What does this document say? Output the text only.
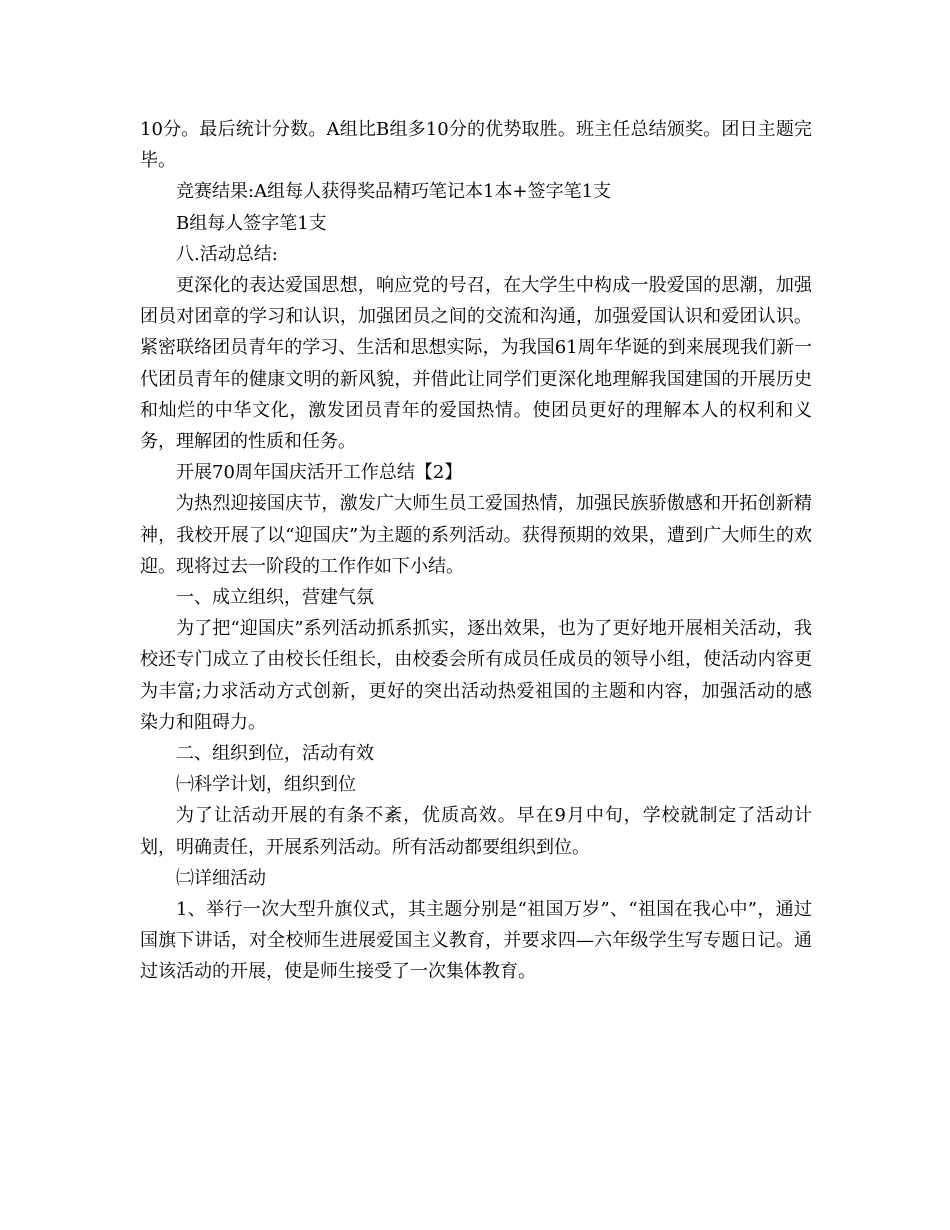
10分。最后统计分数。A组比B组多10分的优势取胜。班主任总结颁奖。团日主题完毕。

竞赛结果:A组每人获得奖品精巧笔记本1本+签字笔1支

B组每人签字笔1支

八.活动总结:

更深化的表达爱国思想，响应党的号召，在大学生中构成一股爱国的思潮，加强团员对团章的学习和认识，加强团员之间的交流和沟通，加强爱国认识和爱团认识。紧密联络团员青年的学习、生活和思想实际，为我国61周年华诞的到来展现我们新一代团员青年的健康文明的新风貌，并借此让同学们更深化地理解我国建国的开展历史和灿烂的中华文化，激发团员青年的爱国热情。使团员更好的理解本人的权利和义务，理解团的性质和任务。

开展70周年国庆活开工作总结【2】

为热烈迎接国庆节，激发广大师生员工爱国热情，加强民族骄傲感和开拓创新精神，我校开展了以“迎国庆”为主题的系列活动。获得预期的效果，遭到广大师生的欢迎。现将过去一阶段的工作作如下小结。

一、成立组织，营建气氛

为了把“迎国庆”系列活动抓系抓实，逐出效果，也为了更好地开展相关活动，我校还专门成立了由校长任组长，由校委会所有成员任成员的领导小组，使活动内容更为丰富;力求活动方式创新，更好的突出活动热爱祖国的主题和内容，加强活动的感染力和阻碍力。

二、组织到位，活动有效

㈠科学计划，组织到位

为了让活动开展的有条不紊，优质高效。早在9月中旬，学校就制定了活动计划，明确责任，开展系列活动。所有活动都要组织到位。

㈡详细活动

1、举行一次大型升旗仪式，其主题分别是“祖国万岁”、“祖国在我心中”，通过国旗下讲话，对全校师生进展爱国主义教育，并要求四—六年级学生写专题日记。通过该活动的开展，使是师生接受了一次集体教育。
